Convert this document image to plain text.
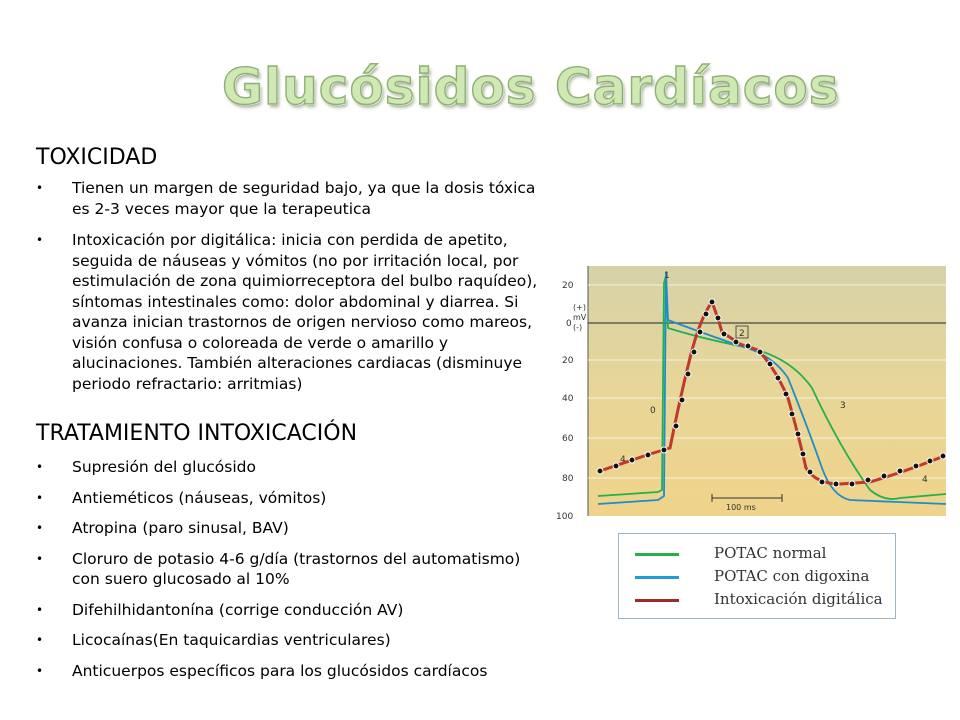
Glucósidos Cardíacos
TOXICIDAD
• Tienen un margen de seguridad bajo, ya que la dosis tóxica es 2-3 veces mayor que la terapeutica
• Intoxicación por digitálica: inicia con perdida de apetito, seguida de náuseas y vómitos (no por irritación local, por estimulación de zona quimiorreceptora del bulbo raquídeo), síntomas intestinales como: dolor abdominal y diarrea. Si avanza inician trastornos de origen nervioso como mareos, visión confusa o coloreada de verde o amarillo y alucinaciones. También alteraciones cardiacas (disminuye periodo refractario: arritmias)
TRATAMIENTO INTOXICACIÓN
• Supresión del glucósido
• Antieméticos (náuseas, vómitos)
• Atropina (paro sinusal, BAV)
• Cloruro de potasio 4-6 g/día (trastornos del automatismo) con suero glucosado al 10%
• Difehilhidantonína (corrige conducción AV)
• Licocaínas(En taquicardias ventriculares)
• Anticuerpos específicos para los glucósidos cardíacos
20
0
20
40
60
80
100
(+)
mV
(-)
1
2
3
4
0
4
100 ms
POTAC normal
POTAC con digoxina
Intoxicación digitálica
